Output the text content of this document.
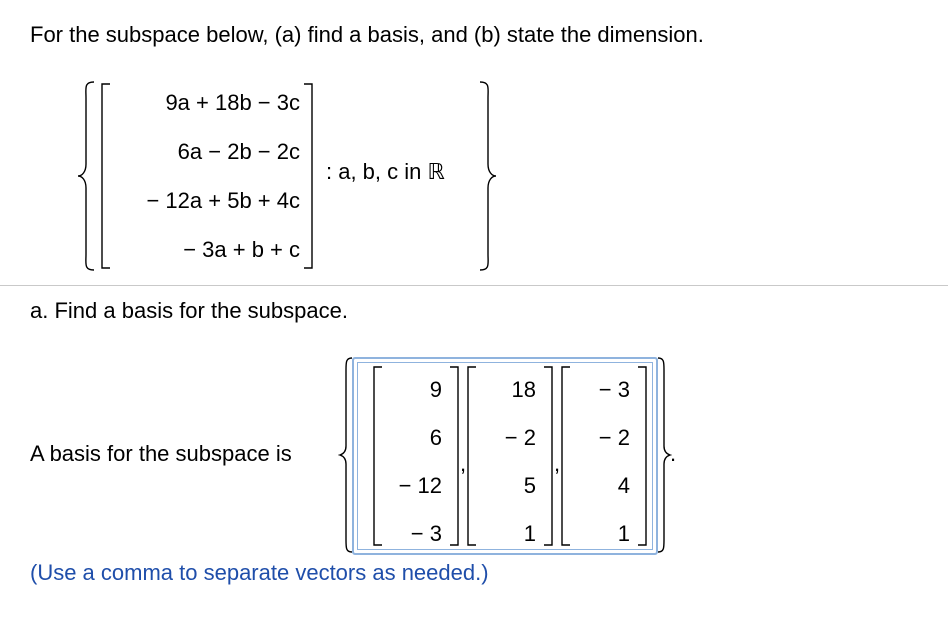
For the subspace below, (a) find a basis, and (b) state the dimension.
9a + 18b − 3c
6a − 2b − 2c
− 12a + 5b + 4c
− 3a + b + c
: a, b, c in ℝ
a. Find a basis for the subspace.
A basis for the subspace is
9
6
− 12
− 3
,
18
− 2
5
1
,
− 3
− 2
4
1
.
(Use a comma to separate vectors as needed.)
